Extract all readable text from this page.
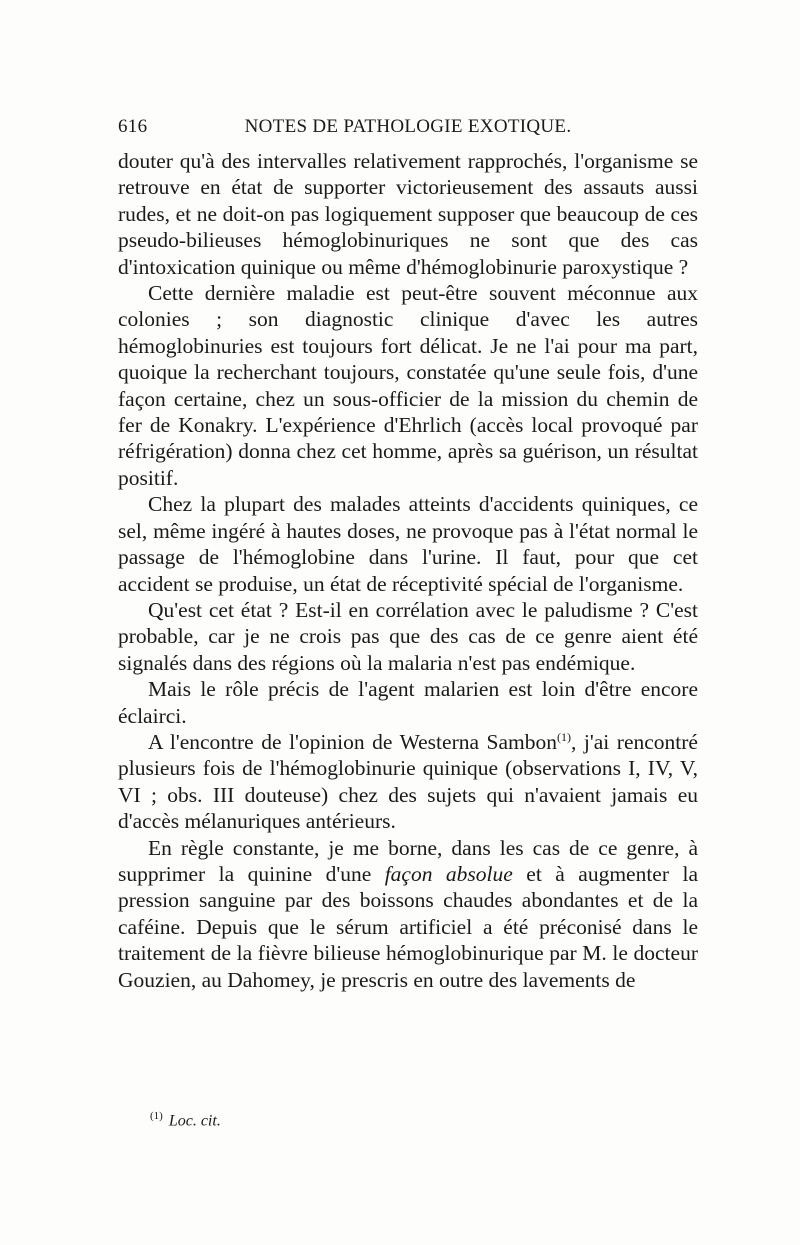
616	NOTES DE PATHOLOGIE EXOTIQUE.

douter qu'à des intervalles relativement rapprochés, l'organisme se retrouve en état de supporter victorieusement des assauts aussi rudes, et ne doit-on pas logiquement supposer que beaucoup de ces pseudo-bilieuses hémoglobinuriques ne sont que des cas d'intoxication quinique ou même d'hémoglobinurie paroxystique ?

Cette dernière maladie est peut-être souvent méconnue aux colonies ; son diagnostic clinique d'avec les autres hémoglobinuries est toujours fort délicat. Je ne l'ai pour ma part, quoique la recherchant toujours, constatée qu'une seule fois, d'une façon certaine, chez un sous-officier de la mission du chemin de fer de Konakry. L'expérience d'Ehrlich (accès local provoqué par réfrigération) donna chez cet homme, après sa guérison, un résultat positif.

Chez la plupart des malades atteints d'accidents quiniques, ce sel, même ingéré à hautes doses, ne provoque pas à l'état normal le passage de l'hémoglobine dans l'urine. Il faut, pour que cet accident se produise, un état de réceptivité spécial de l'organisme.

Qu'est cet état ? Est-il en corrélation avec le paludisme ? C'est probable, car je ne crois pas que des cas de ce genre aient été signalés dans des régions où la malaria n'est pas endémique.

Mais le rôle précis de l'agent malarien est loin d'être encore éclairci.

A l'encontre de l'opinion de Westerna Sambon$^{(1)}$, j'ai rencontré plusieurs fois de l'hémoglobinurie quinique (observations I, IV, V, VI ; obs. III douteuse) chez des sujets qui n'avaient jamais eu d'accès mélanuriques antérieurs.

En règle constante, je me borne, dans les cas de ce genre, à supprimer la quinine d'une façon absolue et à augmenter la pression sanguine par des boissons chaudes abondantes et de la caféine. Depuis que le sérum artificiel a été préconisé dans le traitement de la fièvre bilieuse hémoglobinurique par M. le docteur Gouzien, au Dahomey, je prescris en outre des lavements de

$^{(1)}$ Loc. cit.
